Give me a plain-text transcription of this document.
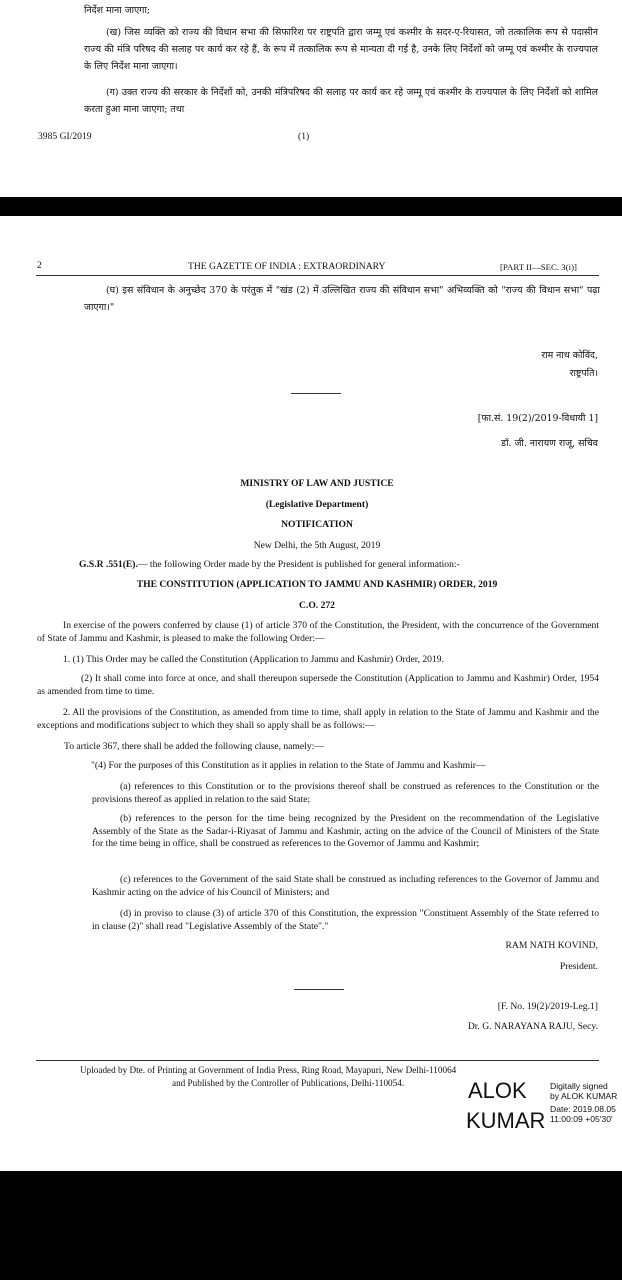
निर्देश माना जाएगा;
(ख) जिस व्यक्ति को राज्य की विधान सभा की सिफारिश पर राष्ट्रपति द्वारा जम्मू एवं कश्मीर के सदर-ए-रियासत, जो तत्कालिक रूप से पदासीन राज्य की मंत्रि परिषद की सलाह पर कार्य कर रहे हैं, के रूप में तत्कालिक रूप से मान्यता दी गई है, उनके लिए निर्देशों को जम्मू एवं कश्मीर के राज्यपाल के लिए निर्देश माना जाएगा।
(ग) उक्त राज्य की सरकार के निर्देशों को, उनकी मंत्रिपरिषद की सलाह पर कार्य कर रहे जम्मू एवं कश्मीर के राज्यपाल के लिए निर्देशों को शामिल करता हुआ माना जाएगा; तथा
3985 GI/2019	(1)
2	THE GAZETTE OF INDIA : EXTRAORDINARY	[PART II—SEC. 3(i)]
(घ) इस संविधान के अनुच्छेद 370 के परंतुक में "खंड (2) में उल्लिखित राज्य की संविधान सभा" अभिव्यक्ति को "राज्य की विधान सभा" पढ़ा जाएगा।"
राम नाथ कोविंद,
राष्ट्रपति।
[फा.सं. 19(2)/2019-विधायी 1]
डॉ. जी. नारायण राजू, सचिव
MINISTRY OF LAW AND JUSTICE
(Legislative Department)
NOTIFICATION
New Delhi, the 5th August, 2019
G.S.R .551(E).— the following Order made by the President is published for general information:-
THE CONSTITUTION (APPLICATION TO JAMMU AND KASHMIR) ORDER, 2019
C.O. 272
In exercise of the powers conferred by clause (1) of article 370 of the Constitution, the President, with the concurrence of the Government of State of Jammu and Kashmir, is pleased to make the following Order:—
1. (1) This Order may be called the Constitution (Application to Jammu and Kashmir) Order, 2019.
(2) It shall come into force at once, and shall thereupon supersede the Constitution (Application to Jammu and Kashmir) Order, 1954 as amended from time to time.
2. All the provisions of the Constitution, as amended from time to time, shall apply in relation to the State of Jammu and Kashmir and the exceptions and modifications subject to which they shall so apply shall be as follows:—
To article 367, there shall be added the following clause, namely:—
"(4) For the purposes of this Constitution as it applies in relation to the State of Jammu and Kashmir—
(a) references to this Constitution or to the provisions thereof shall be construed as references to the Constitution or the provisions thereof as applied in relation to the said State;
(b) references to the person for the time being recognized by the President on the recommendation of the Legislative Assembly of the State as the Sadar-i-Riyasat of Jammu and Kashmir, acting on the advice of the Council of Ministers of the State for the time being in office, shall be construed as references to the Governor of Jammu and Kashmir;
(c) references to the Government of the said State shall be construed as including references to the Governor of Jammu and Kashmir acting on the advice of his Council of Ministers; and
(d) in proviso to clause (3) of article 370 of this Constitution, the expression "Constituent Assembly of the State referred to in clause (2)" shall read "Legislative Assembly of the State"."
RAM NATH KOVIND,
President.
[F. No. 19(2)/2019-Leg.1]
Dr. G. NARAYANA RAJU, Secy.
Uploaded by Dte. of Printing at Government of India Press, Ring Road, Mayapuri, New Delhi-110064
and Published by the Controller of Publications, Delhi-110054.	ALOK
KUMAR
Digitally signed
by ALOK KUMAR
Date: 2019.08.05
11:00:09 +05'30'
